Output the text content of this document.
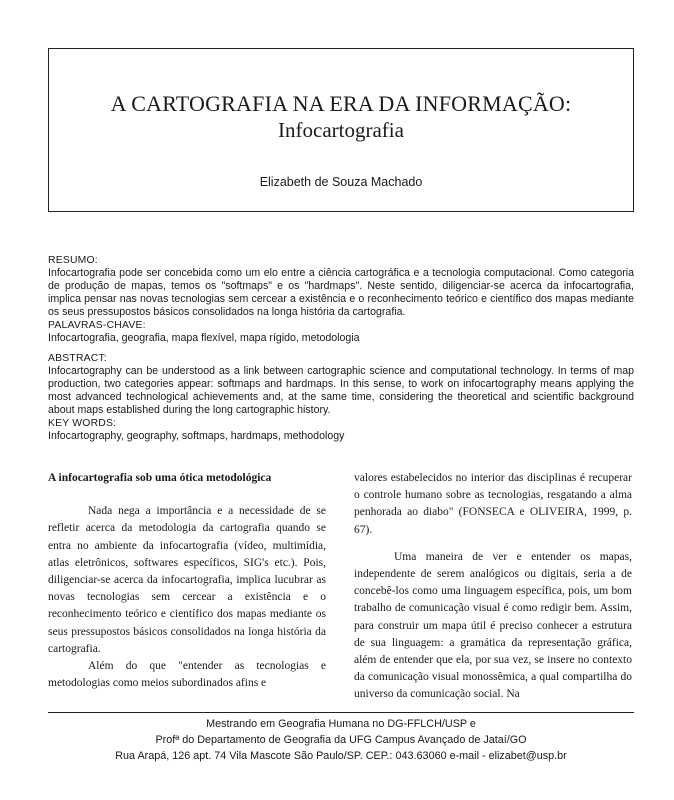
A CARTOGRAFIA NA ERA DA INFORMAÇÃO:
Infocartografia
Elizabeth de Souza Machado

RESUMO:

Infocartografia pode ser concebida como um elo entre a ciência cartográfica e a tecnologia computacional. Como categoria de produção de mapas, temos os "softmaps" e os "hardmaps". Neste sentido, diligenciar-se acerca da infocartografia, implica pensar nas novas tecnologias sem cercear a existência e o reconhecimento teórico e científico dos mapas mediante os seus pressupostos básicos consolidados na longa história da cartografia.

PALAVRAS-CHAVE:

Infocartografia, geografia, mapa flexível, mapa rígido, metodologia

ABSTRACT:

Infocartography can be understood as a link between cartographic science and computational technology. In terms of map production, two categories appear: softmaps and hardmaps. In this sense, to work on infocartography means applying the most advanced technological achievements and, at the same time, considering the theoretical and scientific background about maps established during the long cartographic history.

KEY WORDS:

Infocartography, geography, softmaps, hardmaps, methodology

A infocartografia sob uma ótica metodológica

Nada nega a importância e a necessidade de se refletir acerca da metodologia da cartografia quando se entra no ambiente da infocartografia (vídeo, multimídia, atlas eletrônicos, softwares específicos, SIG's etc.). Pois, diligenciar-se acerca da infocartografia, implica lucubrar as novas tecnologias sem cercear a existência e o reconhecimento teórico e científico dos mapas mediante os seus pressupostos básicos consolidados na longa história da cartografia.

Além do que "entender as tecnologias e metodologias como meios subordinados afins e

valores estabelecidos no interior das disciplinas é recuperar o controle humano sobre as tecnologias, resgatando a alma penhorada ao diabo" (FONSECA e OLIVEIRA, 1999, p. 67).

Uma maneira de ver e entender os mapas, independente de serem analógicos ou digitais, seria a de concebê-los como uma linguagem específica, pois, um bom trabalho de comunicação visual é como redigir bem. Assim, para construir um mapa útil é preciso conhecer a estrutura de sua linguagem: a gramática da representação gráfica, além de entender que ela, por sua vez, se insere no contexto da comunicação visual monossêmica, a qual compartilha do universo da comunicação social. Na

Mestrando em Geografia Humana no DG-FFLCH/USP e
Profª do Departamento de Geografia da UFG Campus Avançado de Jataí/GO
Rua Arapá, 126 apt. 74 Vila Mascote São Paulo/SP. CEP.: 043.63060 e-mail - elizabet@usp.br
